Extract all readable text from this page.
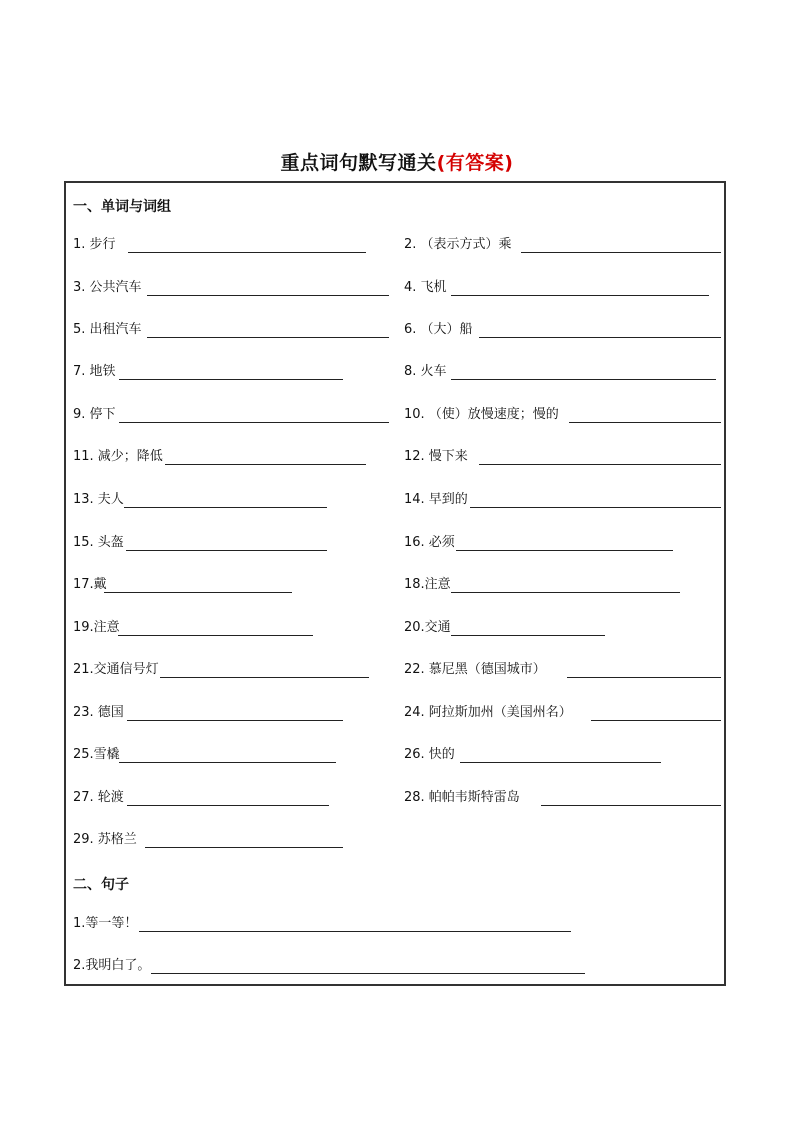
重点词句默写通关(有答案)
一、单词与词组
1. 步行	2. （表示方式）乘
3. 公共汽车	4. 飞机
5. 出租汽车	6. （大）船
7. 地铁	8. 火车
9. 停下	10. （使）放慢速度；慢的
11. 减少；降低	12. 慢下来
13. 夫人	14. 早到的
15. 头盔	16. 必须
17.戴	18.注意
19.注意	20.交通
21.交通信号灯	22. 慕尼黑（德国城市）
23. 德国	24. 阿拉斯加州（美国州名）
25.雪橇	26. 快的
27. 轮渡	28. 帕帕韦斯特雷岛
29. 苏格兰
二、句子
1.等一等！
2.我明白了。
